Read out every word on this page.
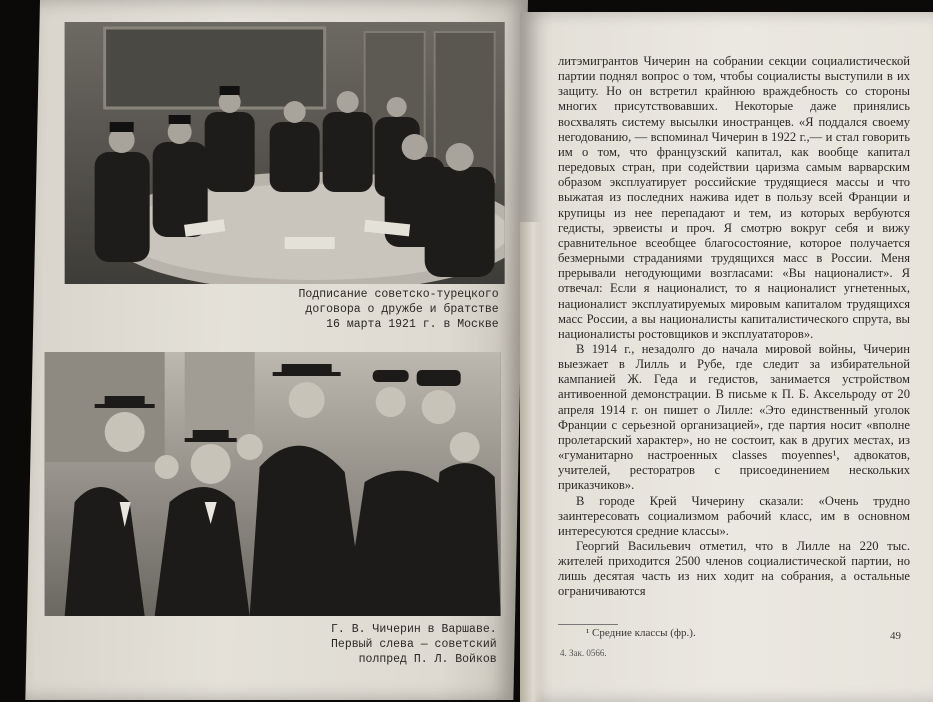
Подписание советско-турецкого
договора о дружбе и братстве
16 марта 1921 г. в Москве
Г. В. Чичерин в Варшаве.
Первый слева — советский
полпред П. Л. Войков

литэмигрантов Чичерин на собрании секции социалистической партии поднял вопрос о том, чтобы социалисты выступили в их защиту. Но он встретил крайнюю враждебность со стороны многих присутствовавших. Некоторые даже принялись восхвалять систему высылки иностранцев. «Я поддался своему негодованию, — вспоминал Чичерин в 1922 г.,— и стал говорить им о том, что французский капитал, как вообще капитал передовых стран, при содействии царизма самым варварским образом эксплуатирует российские трудящиеся массы и что выжатая из последних нажива идет в пользу всей Франции и крупицы из нее перепадают и тем, из которых вербуются гедисты, эрвеисты и проч. Я смотрю вокруг себя и вижу сравнительное всеобщее благосостояние, которое получается безмерными страданиями трудящихся масс в России. Меня прерывали негодующими возгласами: «Вы националист». Я отвечал: Если я националист, то я националист угнетенных, националист эксплуатируемых мировым капиталом трудящихся масс России, а вы националисты капиталистического спрута, вы националисты ростовщиков и эксплуататоров».

В 1914 г., незадолго до начала мировой войны, Чичерин выезжает в Лилль и Рубе, где следит за избирательной кампанией Ж. Геда и гедистов, занимается устройством антивоенной демонстрации. В письме к П. Б. Аксельроду от 20 апреля 1914 г. он пишет о Лилле: «Это единственный уголок Франции с серьезной организацией», где партия носит «вполне пролетарский характер», но не состоит, как в других местах, из «гуманитарно настроенных classes moyennes¹, адвокатов, учителей, ресторатров с присоединением нескольких приказчиков».

В городе Крей Чичерину сказали: «Очень трудно заинтересовать социализмом рабочий класс, им в основном интересуются средние классы».

Георгий Васильевич отметил, что в Лилле на 220 тыс. жителей приходится 2500 членов социалистической партии, но лишь десятая часть из них ходит на собрания, а остальные ограничиваются

¹ Средние классы (фр.).	49
4. Зак. 0566.
